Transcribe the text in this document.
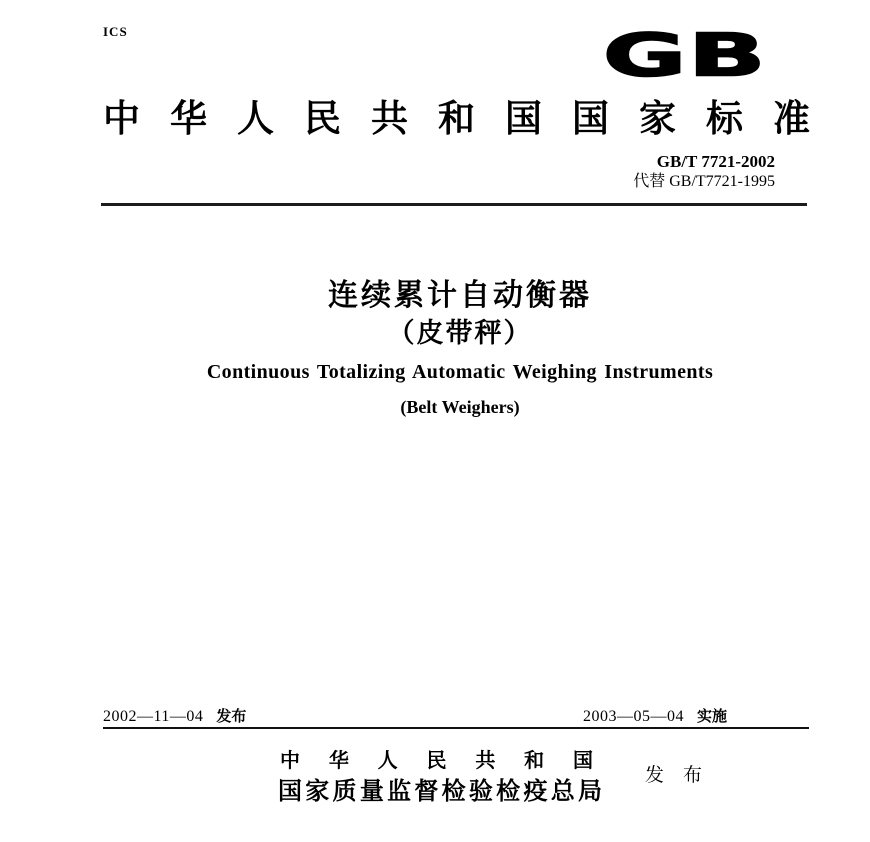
ICS	GB
中 华 人 民 共 和 国 国 家 标 准
GB/T 7721-2002
代替 GB/T7721-1995
连续累计自动衡器
（皮带秤）
Continuous Totalizing Automatic Weighing Instruments
(Belt Weighers)
2002—11—04 发布	2003—05—04 实施
中 华 人 民 共 和 国
国家质量监督检验检疫总局
发 布
